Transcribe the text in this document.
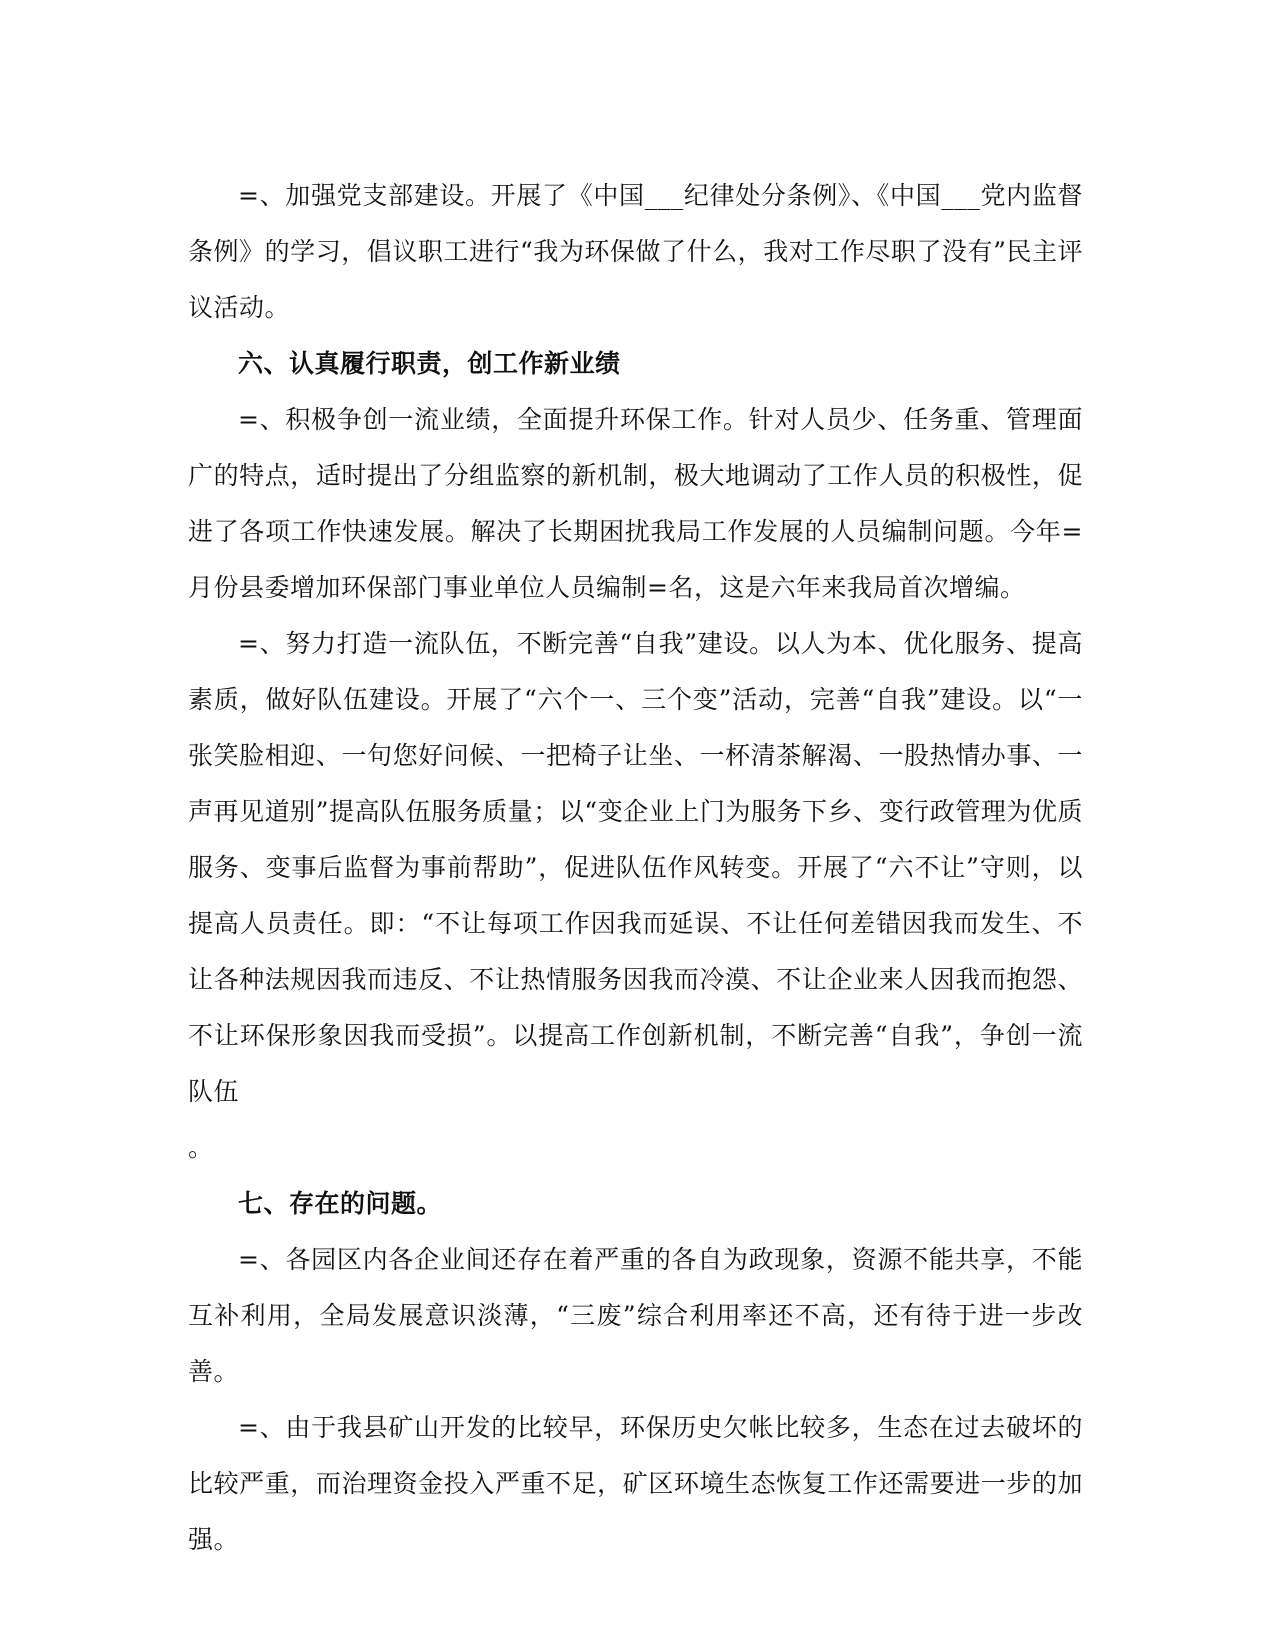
=、加强党支部建设。开展了《中国___纪律处分条例》、《中国___党内监督条例》的学习，倡议职工进行“我为环保做了什么，我对工作尽职了没有”民主评议活动。

六、认真履行职责，创工作新业绩

=、积极争创一流业绩，全面提升环保工作。针对人员少、任务重、管理面广的特点，适时提出了分组监察的新机制，极大地调动了工作人员的积极性，促进了各项工作快速发展。解决了长期困扰我局工作发展的人员编制问题。今年=月份县委增加环保部门事业单位人员编制=名，这是六年来我局首次增编。

=、努力打造一流队伍，不断完善“自我”建设。以人为本、优化服务、提高素质，做好队伍建设。开展了“六个一、三个变”活动，完善“自我”建设。以“一张笑脸相迎、一句您好问候、一把椅子让坐、一杯清茶解渴、一股热情办事、一声再见道别”提高队伍服务质量；以“变企业上门为服务下乡、变行政管理为优质服务、变事后监督为事前帮助”，促进队伍作风转变。开展了“六不让”守则，以提高人员责任。即：“不让每项工作因我而延误、不让任何差错因我而发生、不让各种法规因我而违反、不让热情服务因我而冷漠、不让企业来人因我而抱怨、不让环保形象因我而受损”。以提高工作创新机制，不断完善“自我”，争创一流队伍

。

七、存在的问题。

=、各园区内各企业间还存在着严重的各自为政现象，资源不能共享，不能互补利用，全局发展意识淡薄，“三废”综合利用率还不高，还有待于进一步改善。

=、由于我县矿山开发的比较早，环保历史欠帐比较多，生态在过去破坏的比较严重，而治理资金投入严重不足，矿区环境生态恢复工作还需要进一步的加强。
